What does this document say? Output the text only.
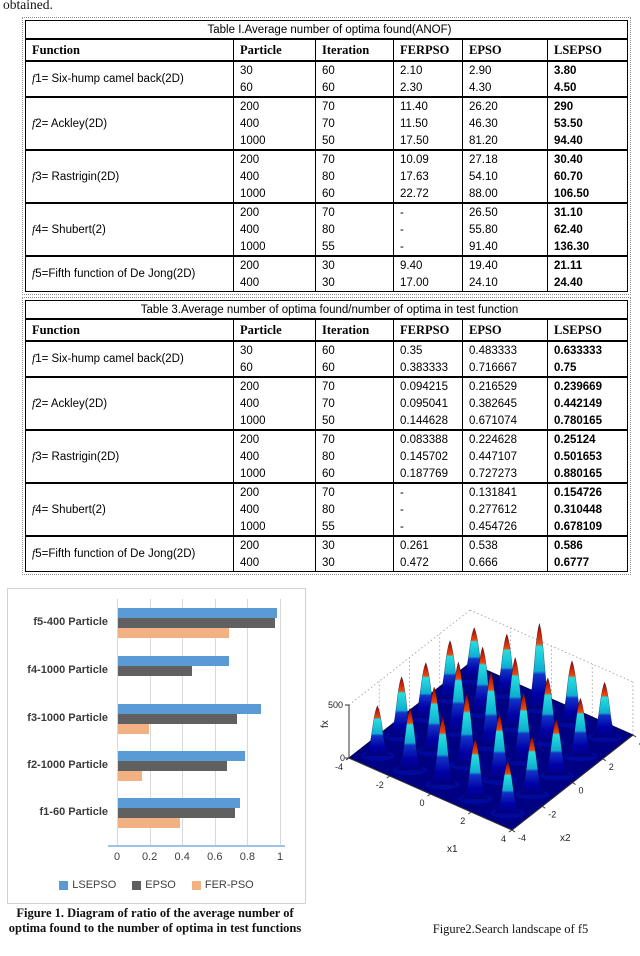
obtained.
Table I.Average number of optima found(ANOF)					
Function	Particle	Iteration	FERPSO	EPSO	LSEPSO
f1= Six-hump camel back(2D)	30	60	2.10	2.90	3.80
	60	60	2.30	4.30	4.50
f2= Ackley(2D)	200	70	11.40	26.20	290
	400	70	11.50	46.30	53.50
	1000	50	17.50	81.20	94.40
f3= Rastrigin(2D)	200	70	10.09	27.18	30.40
	400	80	17.63	54.10	60.70
	1000	60	22.72	88.00	106.50
f4= Shubert(2)	200	70	-	26.50	31.10
	400	80	-	55.80	62.40
	1000	55	-	91.40	136.30
f5=Fifth function of De Jong(2D)	200	30	9.40	19.40	21.11
	400	30	17.00	24.10	24.40
Table 3.Average number of optima found/number of optima in test function					
Function	Particle	Iteration	FERPSO	EPSO	LSEPSO
f1= Six-hump camel back(2D)	30	60	0.35	0.483333	0.633333
	60	60	0.383333	0.716667	0.75
f2= Ackley(2D)	200	70	0.094215	0.216529	0.239669
	400	70	0.095041	0.382645	0.442149
	1000	50	0.144628	0.671074	0.780165
f3= Rastrigin(2D)	200	70	0.083388	0.224628	0.25124
	400	80	0.145702	0.447107	0.501653
	1000	60	0.187769	0.727273	0.880165
f4= Shubert(2)	200	70	-	0.131841	0.154726
	400	80	-	0.277612	0.310448
	1000	55	-	0.454726	0.678109
f5=Fifth function of De Jong(2D)	200	30	0.261	0.538	0.586
	400	30	0.472	0.666	0.6777
0	0.2	0.4	0.6	0.8	1
f5-400 Particle
f4-1000 Particle
f3-1000 Particle
f2-1000 Particle
f1-60 Particle
LSEPSO	EPSO	FER-PSO
Figure 1. Diagram of ratio of the average number of optima found to the number of optima in test functions
500
0
-4
-2
0
2
4 -4
-2
0
2
x1
x2
fx
Figure2.Search landscape of f5
